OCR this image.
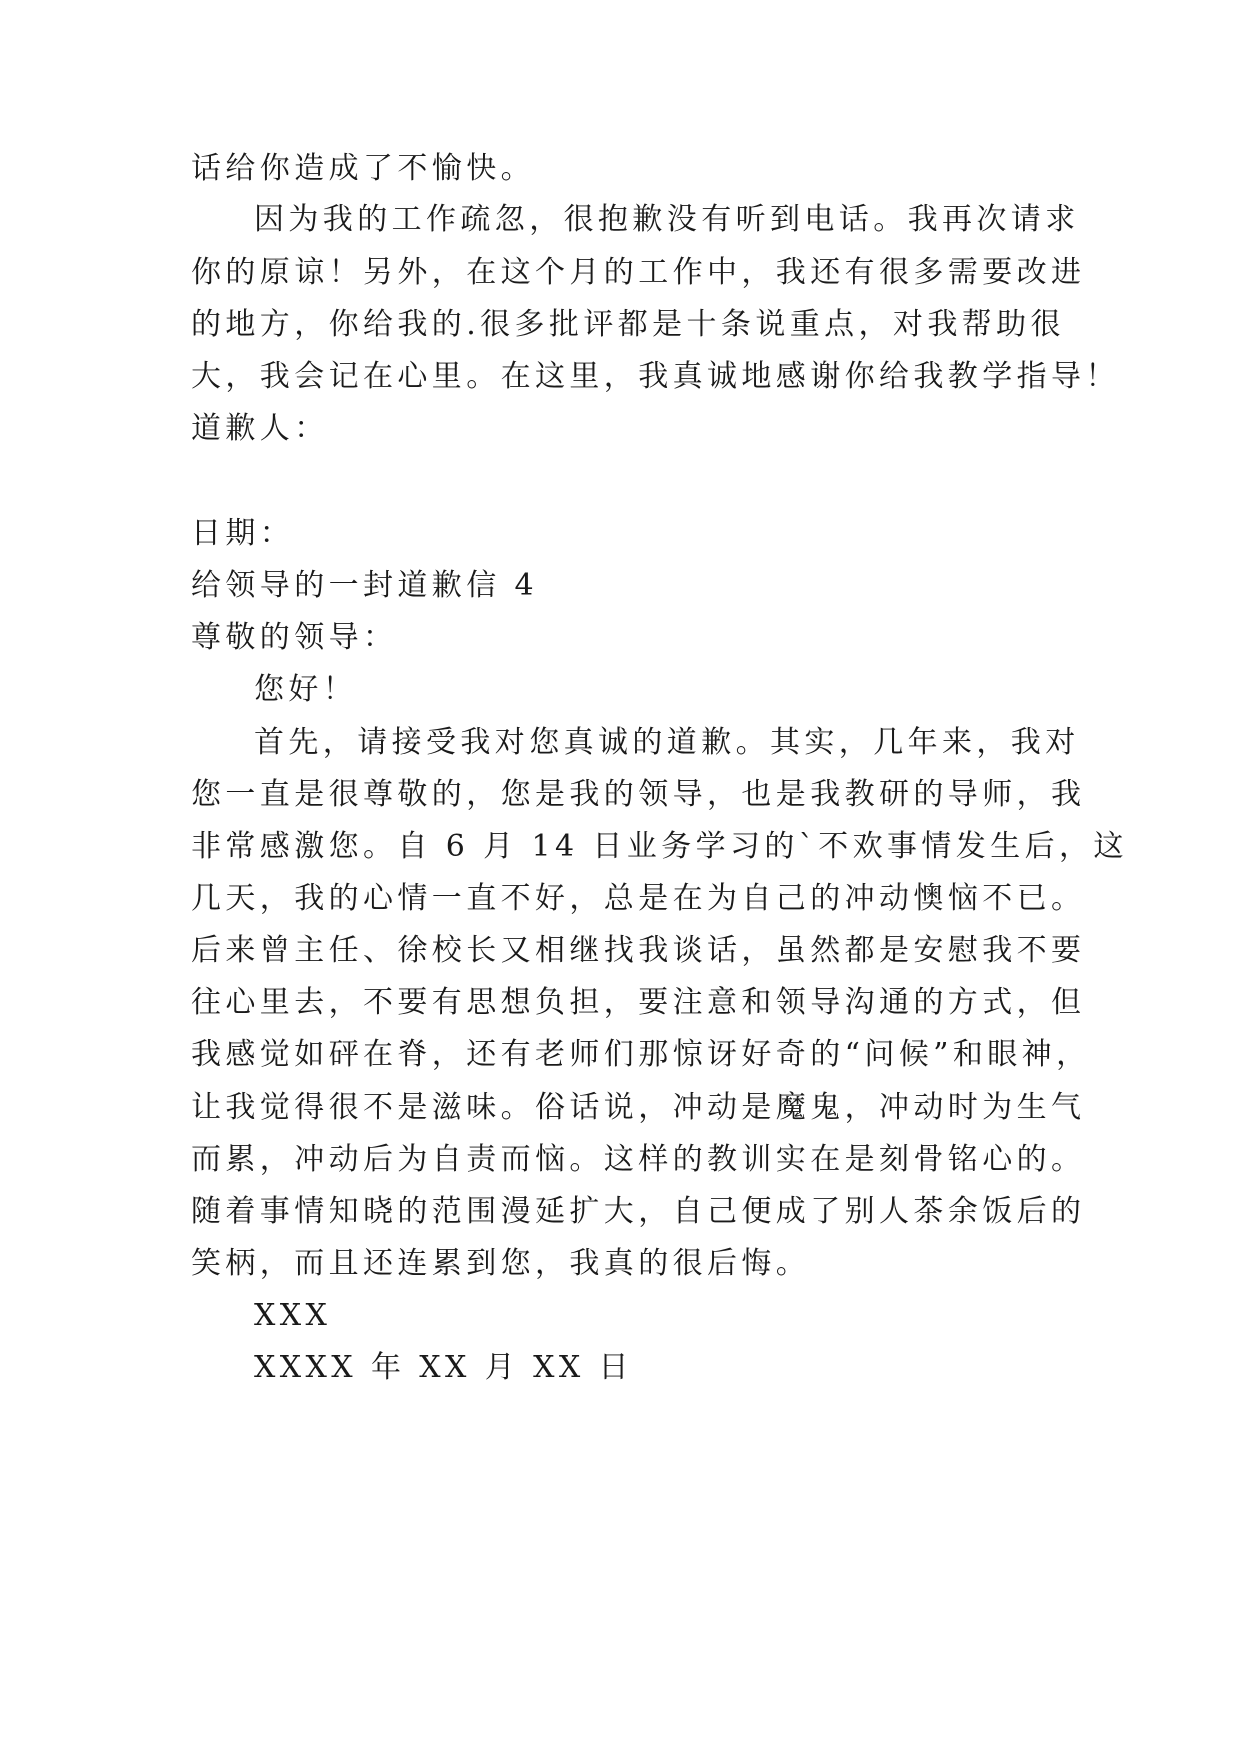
话给你造成了不愉快。
因为我的工作疏忽，很抱歉没有听到电话。我再次请求
你的原谅！另外，在这个月的工作中，我还有很多需要改进
的地方，你给我的.很多批评都是十条说重点，对我帮助很
大，我会记在心里。在这里，我真诚地感谢你给我教学指导！
道歉人：
日期：
给领导的一封道歉信 4
尊敬的领导：
您好！
首先，请接受我对您真诚的道歉。其实，几年来，我对
您一直是很尊敬的，您是我的领导，也是我教研的导师，我
非常感激您。自 6 月 14 日业务学习的`不欢事情发生后，这
几天，我的心情一直不好，总是在为自己的冲动懊恼不已。
后来曾主任、徐校长又相继找我谈话，虽然都是安慰我不要
往心里去，不要有思想负担，要注意和领导沟通的方式，但
我感觉如砰在脊，还有老师们那惊讶好奇的“问候”和眼神，
让我觉得很不是滋味。俗话说，冲动是魔鬼，冲动时为生气
而累，冲动后为自责而恼。这样的教训实在是刻骨铭心的。
随着事情知晓的范围漫延扩大，自己便成了别人茶余饭后的
笑柄，而且还连累到您，我真的很后悔。
XXX
XXXX 年 XX 月 XX 日
